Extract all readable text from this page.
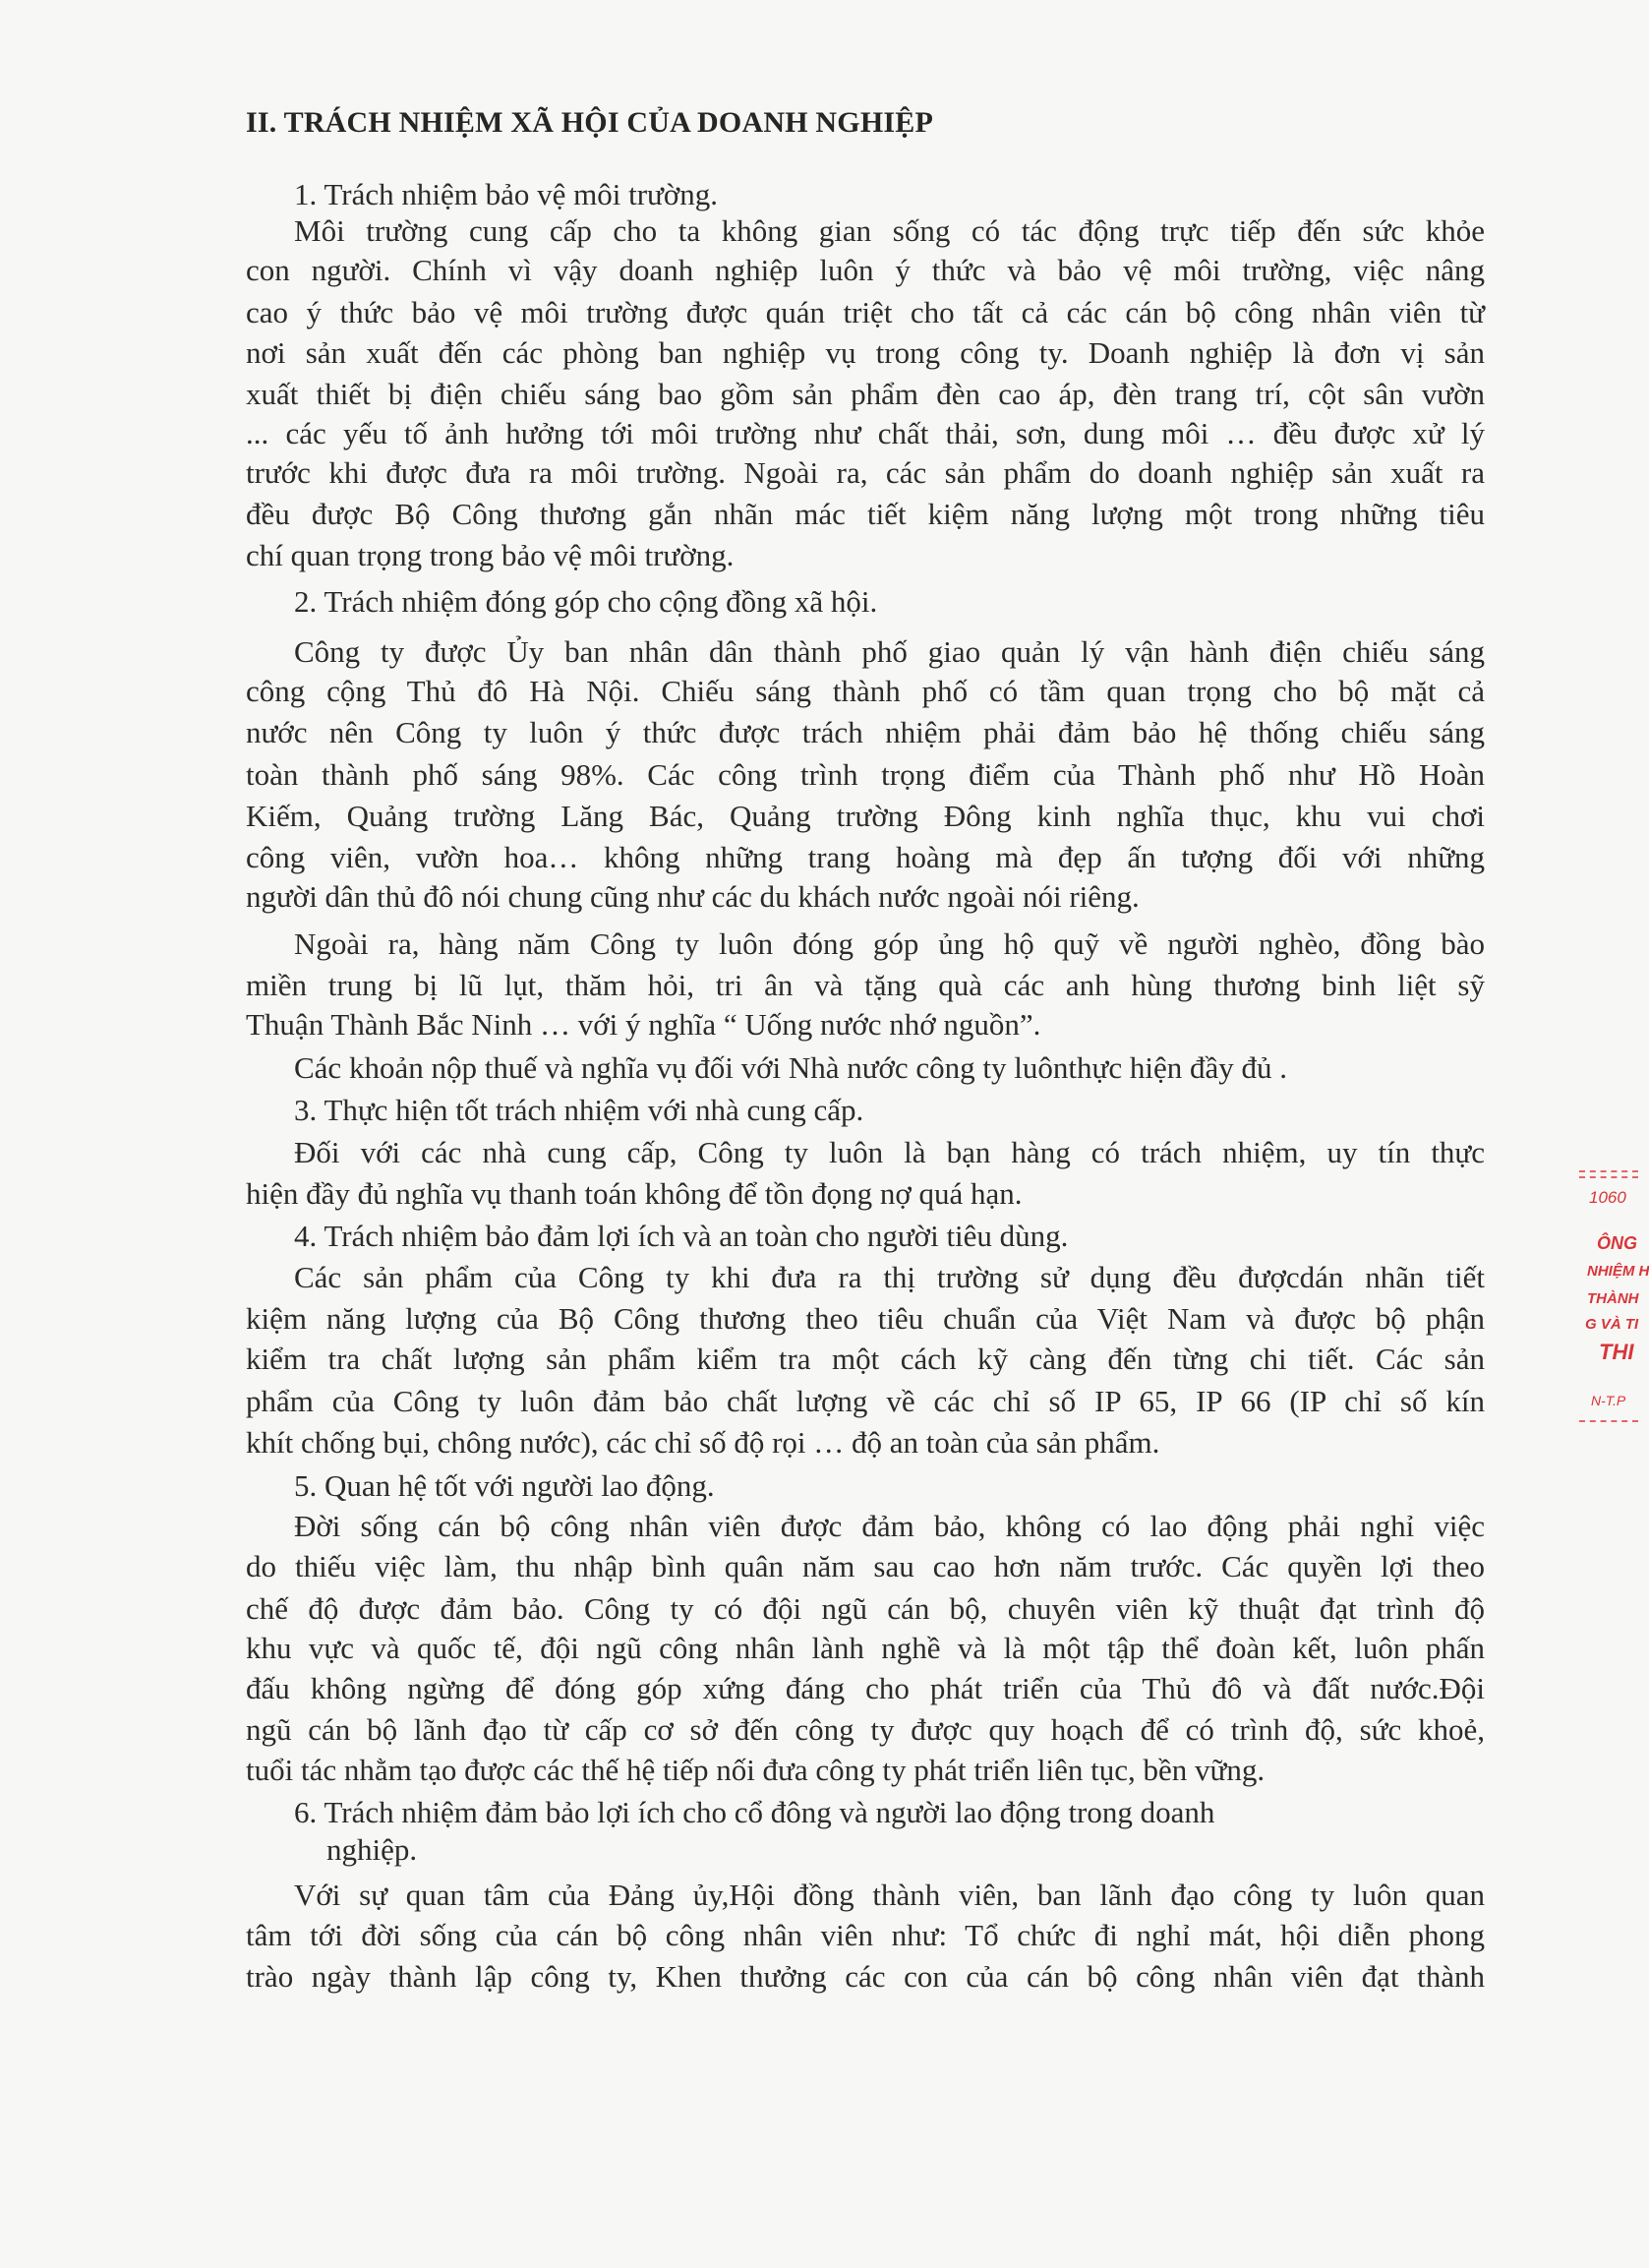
II. TRÁCH NHIỆM XÃ HỘI CỦA DOANH NGHIỆP

1. Trách nhiệm bảo vệ môi trường.

Môi trường cung cấp cho ta không gian sống có tác động trực tiếp đến sức khỏe

con người. Chính vì vậy doanh nghiệp luôn ý thức và bảo vệ môi trường, việc nâng

cao ý thức bảo vệ môi trường được quán triệt cho tất cả các cán bộ công nhân viên từ

nơi sản xuất đến các phòng ban nghiệp vụ trong công ty. Doanh nghiệp là đơn vị sản

xuất thiết bị điện chiếu sáng bao gồm sản phẩm đèn cao áp, đèn trang trí, cột sân vườn

... các yếu tố ảnh hưởng tới môi trường như chất thải, sơn, dung môi … đều được xử lý

trước khi được đưa ra môi trường. Ngoài ra, các sản phẩm do doanh nghiệp sản xuất ra

đều được Bộ Công thương gắn nhãn mác tiết kiệm năng lượng một trong những tiêu

chí quan trọng trong bảo vệ môi trường.

2. Trách nhiệm đóng góp cho cộng đồng xã hội.

Công ty được Ủy ban nhân dân thành phố giao quản lý vận hành điện chiếu sáng

công cộng Thủ đô Hà Nội. Chiếu sáng thành phố có tầm quan trọng cho bộ mặt cả

nước nên Công ty luôn ý thức được trách nhiệm phải đảm bảo hệ thống chiếu sáng

toàn thành phố sáng 98%. Các công trình trọng điểm của Thành phố như Hồ Hoàn

Kiếm, Quảng trường Lăng Bác, Quảng trường Đông kinh nghĩa thục, khu vui chơi

công viên, vườn hoa… không những trang hoàng mà đẹp ấn tượng đối với những

người dân thủ đô nói chung cũng như các du khách nước ngoài nói riêng.

Ngoài ra, hàng năm Công ty luôn đóng góp ủng hộ quỹ về người nghèo, đồng bào

miền trung bị lũ lụt, thăm hỏi, tri ân và tặng quà các anh hùng thương binh liệt sỹ

Thuận Thành Bắc Ninh … với ý nghĩa “ Uống nước nhớ nguồn”.

Các khoản nộp thuế và nghĩa vụ đối với Nhà nước công ty luônthực hiện đầy đủ .

3. Thực hiện tốt trách nhiệm với nhà cung cấp.

Đối với các nhà cung cấp, Công ty luôn là bạn hàng có trách nhiệm, uy tín thực

hiện đầy đủ nghĩa vụ thanh toán không để tồn đọng nợ quá hạn.

4. Trách nhiệm bảo đảm lợi ích và an toàn cho người tiêu dùng.

Các sản phẩm của Công ty khi đưa ra thị trường sử dụng đều đượcdán nhãn tiết

kiệm năng lượng của Bộ Công thương theo tiêu chuẩn của Việt Nam và được bộ phận

kiểm tra chất lượng sản phẩm kiểm tra một cách kỹ càng đến từng chi tiết. Các sản

phẩm của Công ty luôn đảm bảo chất lượng về các chỉ số IP 65, IP 66 (IP chỉ số kín

khít chống bụi, chông nước), các chỉ số độ rọi … độ an toàn của sản phẩm.

5. Quan hệ tốt với người lao động.

Đời sống cán bộ công nhân viên được đảm bảo, không có lao động phải nghỉ việc

do thiếu việc làm, thu nhập bình quân năm sau cao hơn năm trước. Các quyền lợi theo

chế độ được đảm bảo. Công ty có đội ngũ cán bộ, chuyên viên kỹ thuật đạt trình độ

khu vực và quốc tế, đội ngũ công nhân lành nghề và là một tập thể đoàn kết, luôn phấn

đấu không ngừng để đóng góp xứng đáng cho phát triển của Thủ đô và đất nước.Đội

ngũ cán bộ lãnh đạo từ cấp cơ sở đến công ty được quy hoạch để có trình độ, sức khoẻ,

tuổi tác nhằm tạo được các thế hệ tiếp nối đưa công ty phát triển liên tục, bền vững.

6. Trách nhiệm đảm bảo lợi ích cho cổ đông và người lao động trong doanh

nghiệp.

Với sự quan tâm của Đảng ủy,Hội đồng thành viên, ban lãnh đạo công ty luôn quan

tâm tới đời sống của cán bộ công nhân viên như: Tổ chức đi nghỉ mát, hội diễn phong

trào ngày thành lập công ty, Khen thưởng các con của cán bộ công nhân viên đạt thành

1060
ÔNG
NHIỆM H
THÀNH
G VÀ TI
THI
N-T.P
